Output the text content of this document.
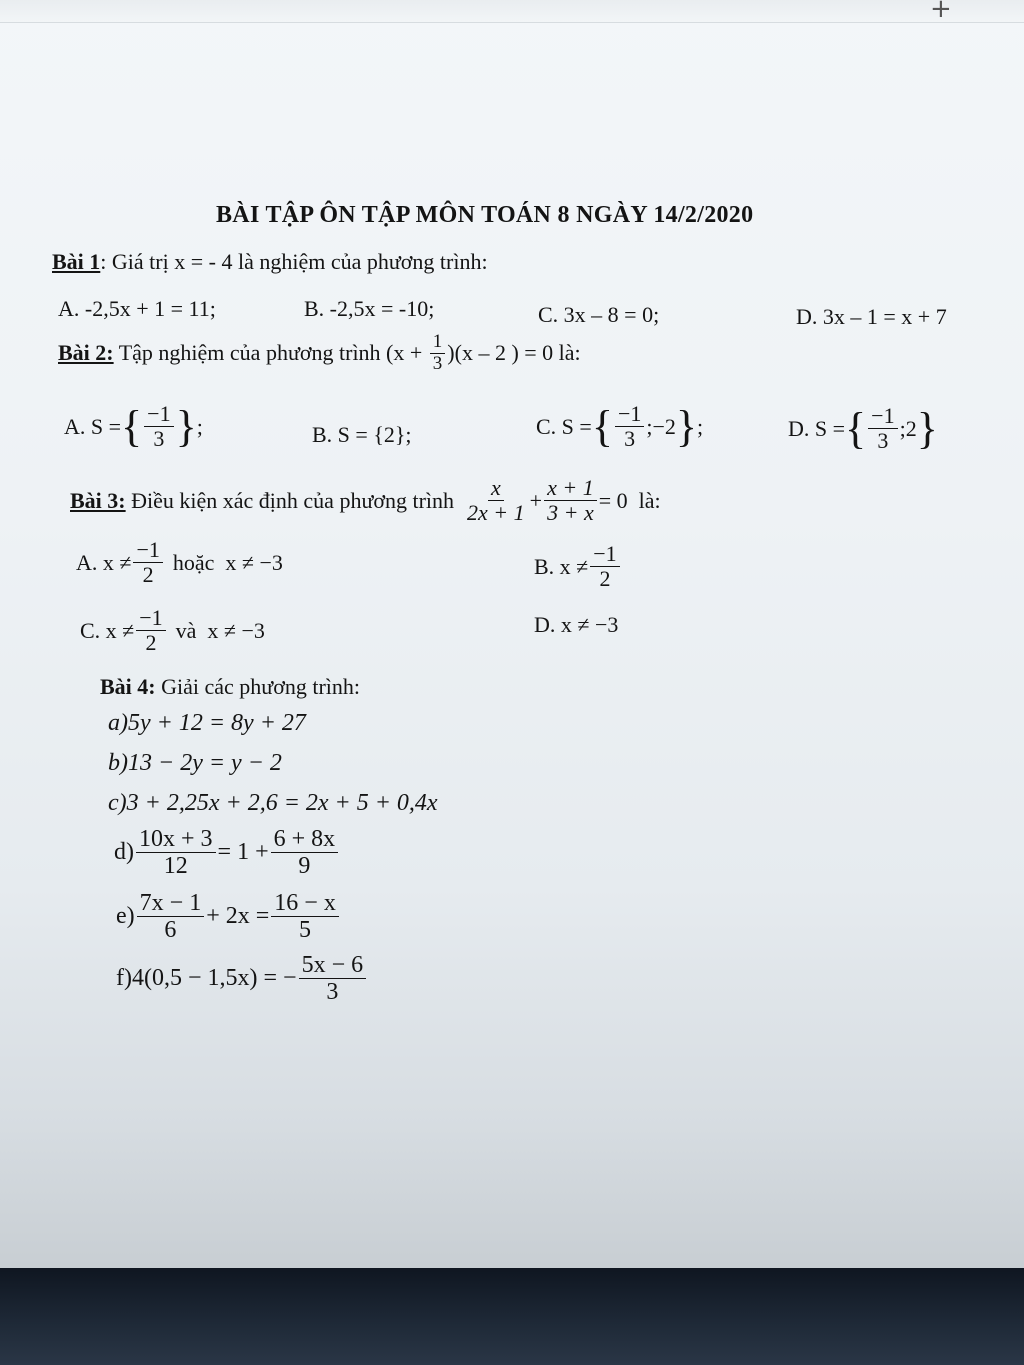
+
BÀI TẬP ÔN TẬP MÔN TOÁN 8 NGÀY 14/2/2020
Bài 1: Giá trị x = - 4 là nghiệm của phương trình:
A. -2,5x + 1 = 11;	B. -2,5x = -10;	C. 3x – 8 = 0;	D. 3x – 1 = x + 7
Bài 2: Tập nghiệm của phương trình $(x + \frac{1}{3} )(x - 2$ ) = 0 là:
A. S = { $\frac{-1}{3}$ } ;	B. S = {2};	C. S = { $\frac{-1}{3}$ ;−2 } ;	D. S = { $\frac{-1}{3}$ ;2 }
Bài 3: Điều kiện xác định của phương trình $\frac{x}{2x + 1} + \frac{x + 1}{3 + x} = 0$  là:
A. $x \ne \frac{-1}{2}$ hoặc  x ≠ −3	B. $x \ne \frac{-1}{2}$
C. $x \ne \frac{-1}{2}$ và  x ≠ −3	D. x ≠ −3
Bài 4: Giải các phương trình:
a)5y + 12 = 8y + 27
b)13 − 2y = y − 2
c)3 + 2,25x + 2,6 = 2x + 5 + 0,4x
$d) \frac{10x + 3}{12} = 1 + \frac{6 + 8x}{9}$
$e) \frac{7x - 1}{6} + 2x = \frac{16 - x}{5}$
f)4(0,5 − 1,5x) = − $\frac{5x - 6}{3}$
